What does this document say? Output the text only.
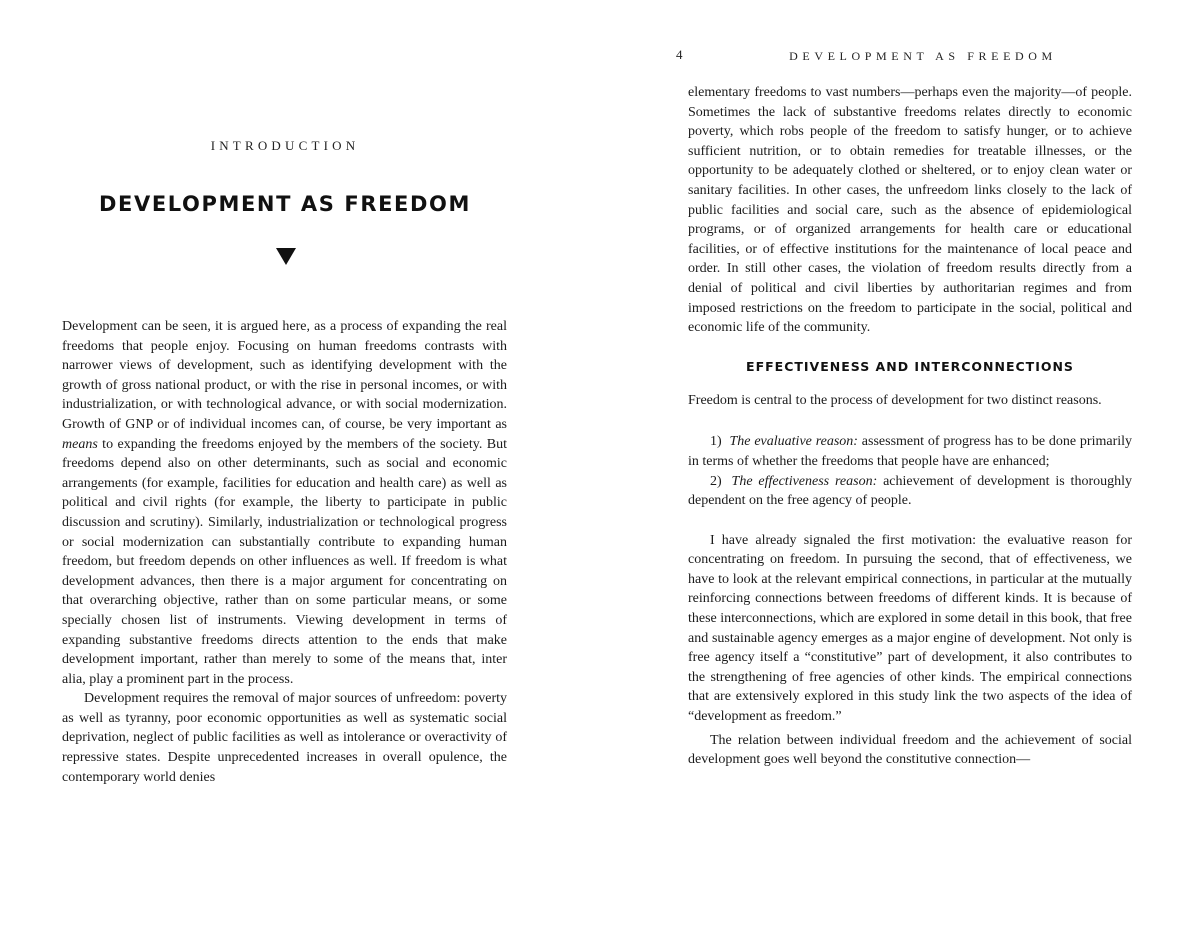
INTRODUCTION
DEVELOPMENT AS FREEDOM

Development can be seen, it is argued here, as a process of expanding the real freedoms that people enjoy. Focusing on human freedoms contrasts with narrower views of development, such as identifying development with the growth of gross national product, or with the rise in personal incomes, or with industrialization, or with technological advance, or with social modernization. Growth of GNP or of individual incomes can, of course, be very important as means to expanding the freedoms enjoyed by the members of the society. But freedoms depend also on other determinants, such as social and economic arrangements (for example, facilities for education and health care) as well as political and civil rights (for example, the liberty to participate in public discussion and scrutiny). Similarly, industrialization or technological progress or social modernization can substantially contribute to expanding human freedom, but freedom depends on other influences as well. If freedom is what development advances, then there is a major argument for concentrating on that overarching objective, rather than on some particular means, or some specially chosen list of instruments. Viewing development in terms of expanding substantive freedoms directs attention to the ends that make development important, rather than merely to some of the means that, inter alia, play a prominent part in the process.

Development requires the removal of major sources of unfreedom: poverty as well as tyranny, poor economic opportunities as well as systematic social deprivation, neglect of public facilities as well as intolerance or overactivity of repressive states. Despite unprecedented increases in overall opulence, the contemporary world denies

4	DEVELOPMENT AS FREEDOM

elementary freedoms to vast numbers—perhaps even the majority—of people. Sometimes the lack of substantive freedoms relates directly to economic poverty, which robs people of the freedom to satisfy hunger, or to achieve sufficient nutrition, or to obtain remedies for treatable illnesses, or the opportunity to be adequately clothed or sheltered, or to enjoy clean water or sanitary facilities. In other cases, the unfreedom links closely to the lack of public facilities and social care, such as the absence of epidemiological programs, or of organized arrangements for health care or educational facilities, or of effective institutions for the maintenance of local peace and order. In still other cases, the violation of freedom results directly from a denial of political and civil liberties by authoritarian regimes and from imposed restrictions on the freedom to participate in the social, political and economic life of the community.

EFFECTIVENESS AND INTERCONNECTIONS

Freedom is central to the process of development for two distinct reasons.

1) The evaluative reason: assessment of progress has to be done primarily in terms of whether the freedoms that people have are enhanced;

2) The effectiveness reason: achievement of development is thoroughly dependent on the free agency of people.

I have already signaled the first motivation: the evaluative reason for concentrating on freedom. In pursuing the second, that of effectiveness, we have to look at the relevant empirical connections, in particular at the mutually reinforcing connections between freedoms of different kinds. It is because of these interconnections, which are explored in some detail in this book, that free and sustainable agency emerges as a major engine of development. Not only is free agency itself a “constitutive” part of development, it also contributes to the strengthening of free agencies of other kinds. The empirical connections that are extensively explored in this study link the two aspects of the idea of “development as freedom.”

The relation between individual freedom and the achievement of social development goes well beyond the constitutive connection—
